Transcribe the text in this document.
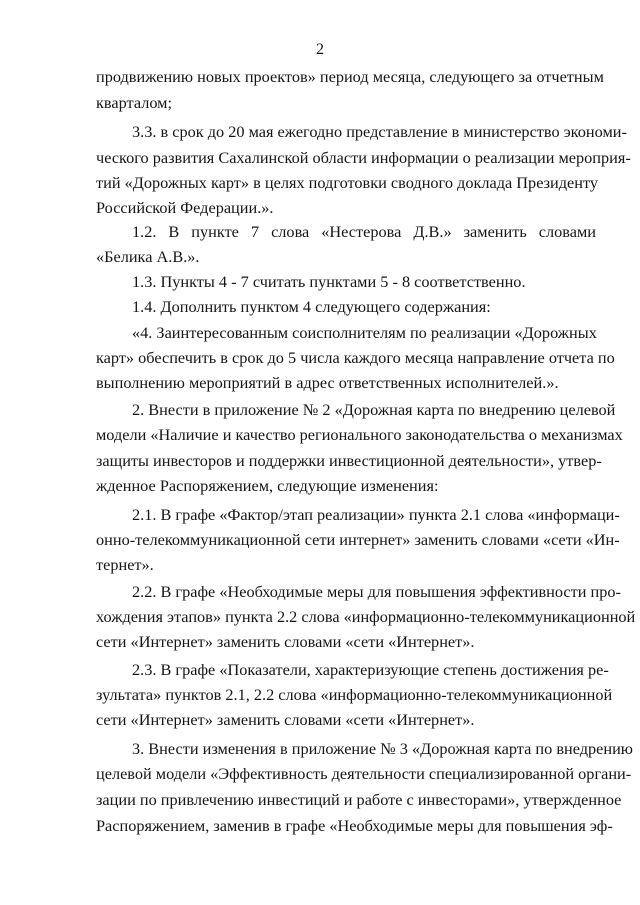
2
продвижению новых проектов» период месяца, следующего за отчетным
кварталом;
3.3. в срок до 20 мая ежегодно представление в министерство экономи-
ческого развития Сахалинской области информации о реализации мероприя-
тий «Дорожных карт» в целях подготовки сводного доклада Президенту
Российской Федерации.».
1.2. В пункте 7 слова «Нестерова Д.В.» заменить словами
«Белика А.В.».
1.3. Пункты 4 - 7 считать пунктами 5 - 8 соответственно.
1.4. Дополнить пунктом 4 следующего содержания:
«4. Заинтересованным соисполнителям по реализации «Дорожных
карт» обеспечить в срок до 5 числа каждого месяца направление отчета по
выполнению мероприятий в адрес ответственных исполнителей.».
2. Внести в приложение № 2 «Дорожная карта по внедрению целевой
модели «Наличие и качество регионального законодательства о механизмах
защиты инвесторов и поддержки инвестиционной деятельности», утвер-
жденное Распоряжением, следующие изменения:
2.1. В графе «Фактор/этап реализации» пункта 2.1 слова «информаци-
онно-телекоммуникационной сети интернет» заменить словами «сети «Ин-
тернет».
2.2. В графе «Необходимые меры для повышения эффективности про-
хождения этапов» пункта 2.2 слова «информационно-телекоммуникационной
сети «Интернет» заменить словами «сети «Интернет».
2.3. В графе «Показатели, характеризующие степень достижения ре-
зультата» пунктов 2.1, 2.2 слова «информационно-телекоммуникационной
сети «Интернет» заменить словами «сети «Интернет».
3. Внести изменения в приложение № 3 «Дорожная карта по внедрению
целевой модели «Эффективность деятельности специализированной органи-
зации по привлечению инвестиций и работе с инвесторами», утвержденное
Распоряжением, заменив в графе «Необходимые меры для повышения эф-
